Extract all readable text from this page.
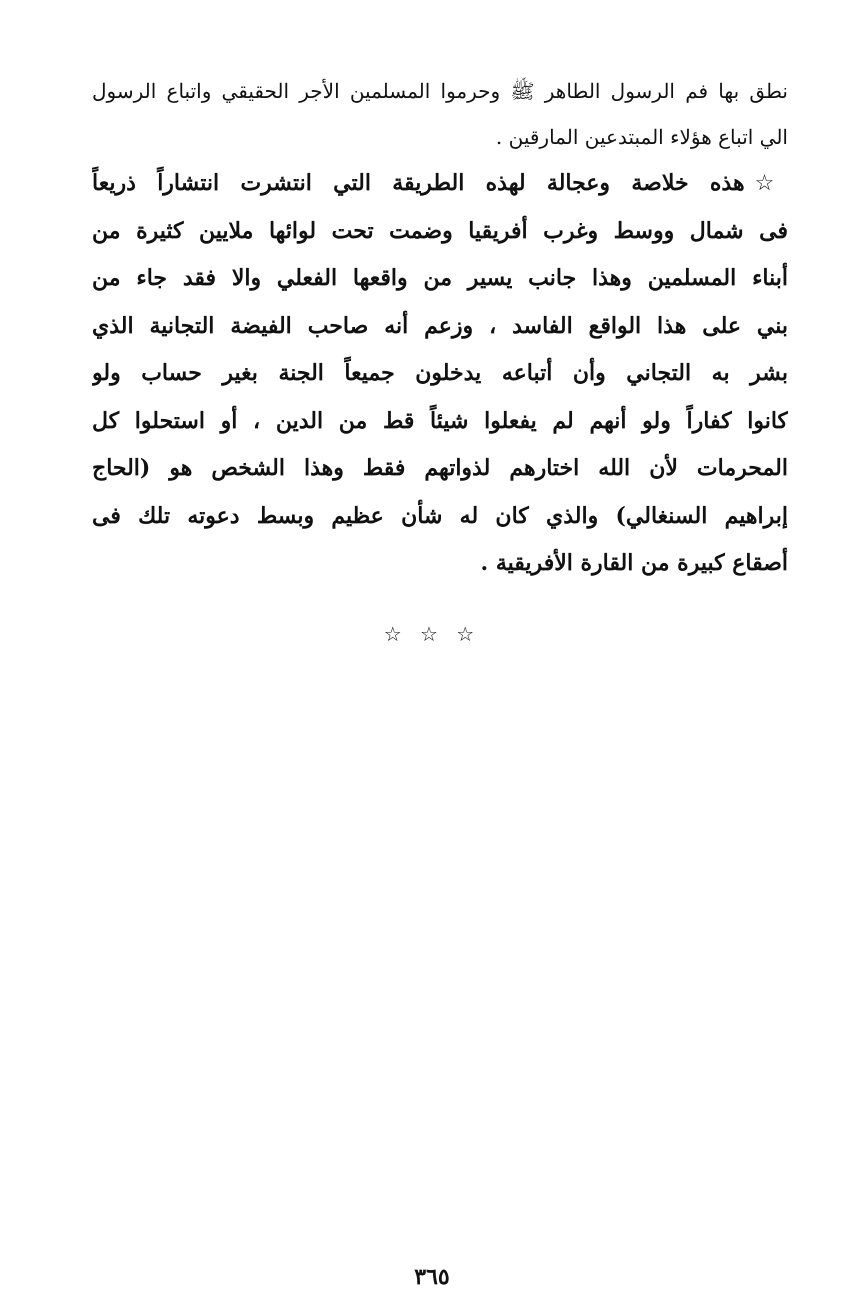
نطق بها فم الرسول الطاهر ﷺ وحرموا المسلمين الأجر الحقيقي واتباع الرسول
الي اتباع هؤلاء المبتدعين المارقين .
☆هذه خلاصة وعجالة لهذه الطريقة التي انتشرت انتشاراً ذريعاً
فى شمال ووسط وغرب أفريقيا وضمت تحت لوائها ملايين كثيرة من
أبناء المسلمين وهذا جانب يسير من واقعها الفعلي والا فقد جاء من
بني على هذا الواقع الفاسد ، وزعم أنه صاحب الفيضة التجانية الذي
بشر به التجاني وأن أتباعه يدخلون جميعاً الجنة بغير حساب ولو
كانوا كفاراً ولو أنهم لم يفعلوا شيئاً قط من الدين ، أو استحلوا كل
المحرمات لأن الله اختارهم لذواتهم فقط وهذا الشخص هو (الحاج
إبراهيم السنغالي) والذي كان له شأن عظيم وبسط دعوته تلك فى
أصقاع كبيرة من القارة الأفريقية .
☆ ☆ ☆
٣٦٥
